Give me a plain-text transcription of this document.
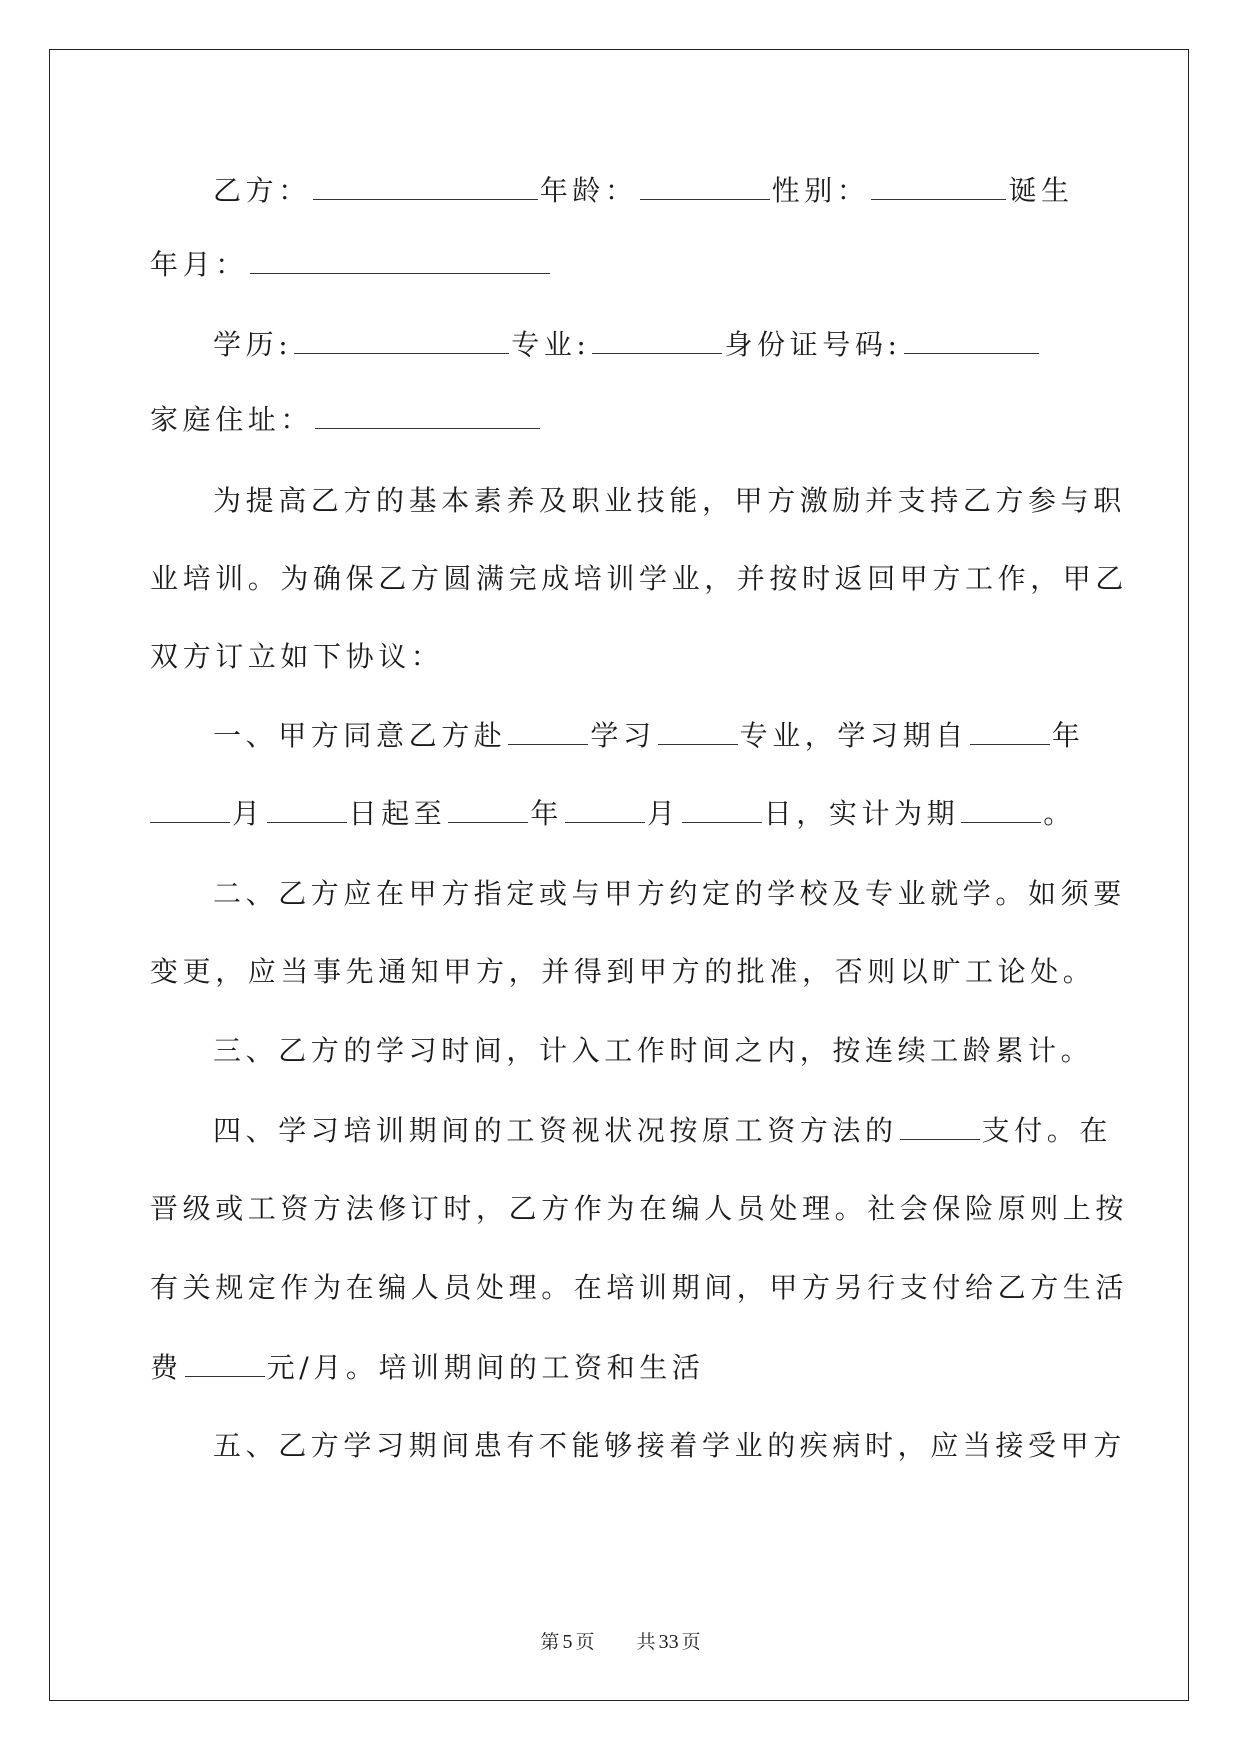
乙方：	年龄：	性别：	诞生
年月：
学历:	专业:	身份证号码:
家庭住址：
为提高乙方的基本素养及职业技能，甲方激励并支持乙方参与职
业培训。为确保乙方圆满完成培训学业，并按时返回甲方工作，甲乙
双方订立如下协议：
一、甲方同意乙方赴	学习	专业，学习期自	年
月	日起至	年	月	日，实计为期	。
二、乙方应在甲方指定或与甲方约定的学校及专业就学。如须要
变更，应当事先通知甲方，并得到甲方的批准，否则以旷工论处。
三、乙方的学习时间，计入工作时间之内，按连续工龄累计。
四、学习培训期间的工资视状况按原工资方法的	支付。在
晋级或工资方法修订时，乙方作为在编人员处理。社会保险原则上按
有关规定作为在编人员处理。在培训期间，甲方另行支付给乙方生活
费	元/月。培训期间的工资和生活
五、乙方学习期间患有不能够接着学业的疾病时，应当接受甲方
第 5 页 共 33 页
